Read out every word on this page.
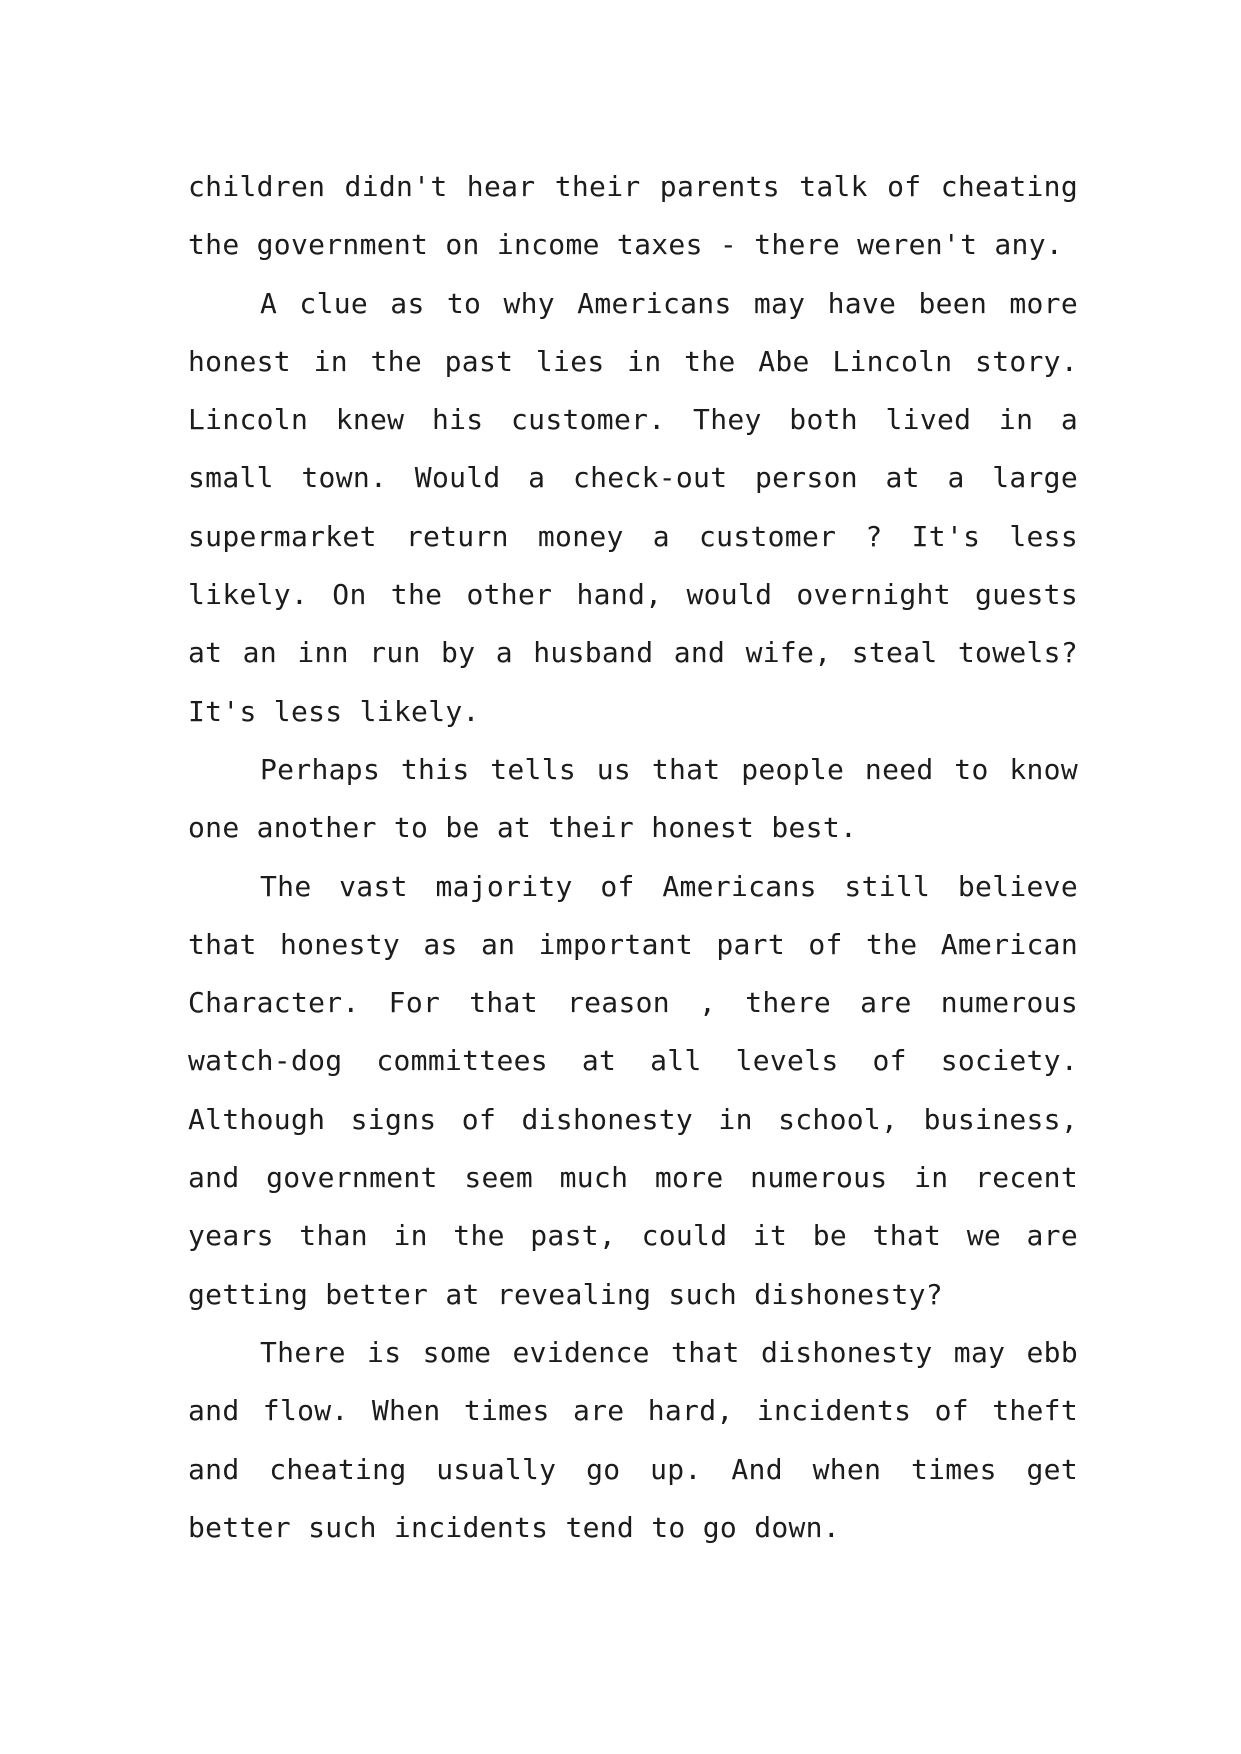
children didn't hear their parents talk of cheating the government on income taxes - there weren't any.

A clue as to why Americans may have been more honest in the past lies in the Abe Lincoln story. Lincoln knew his customer. They both lived in a small town. Would a check-out person at a large supermarket return money a customer ? It's less likely. On the other hand, would overnight guests at an inn run by a husband and wife, steal towels? It's less likely.

Perhaps this tells us that people need to know one another to be at their honest best.

The vast majority of Americans still believe that honesty as an important part of the American Character. For that reason , there are numerous watch-dog committees at all levels of society. Although signs of dishonesty in school, business, and government seem much more numerous in recent years than in the past, could it be that we are getting better at revealing such dishonesty?

There is some evidence that dishonesty may ebb and flow. When times are hard, incidents of theft and cheating usually go up. And when times get better such incidents tend to go down.
